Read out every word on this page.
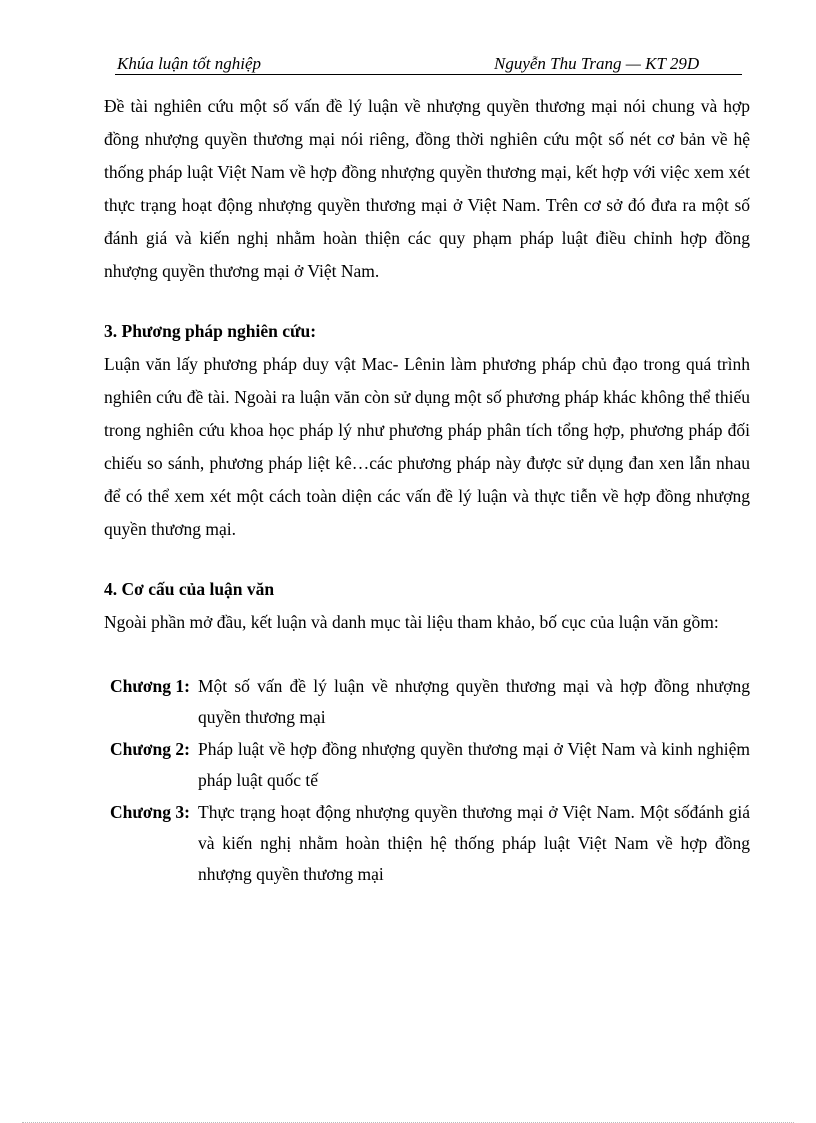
Khúa luận tốt nghiệp	Nguyễn Thu Trang — KT 29D

Đề tài nghiên cứu một số vấn đề lý luận về nhượng quyền thương mại nói chung và hợp đồng nhượng quyền thương mại nói riêng, đồng thời nghiên cứu một số nét cơ bản về hệ thống pháp luật Việt Nam về hợp đồng nhượng quyền thương mại, kết hợp với việc xem xét thực trạng hoạt động nhượng quyền thương mại ở Việt Nam. Trên cơ sở đó đưa ra một số đánh giá và kiến nghị nhằm hoàn thiện các quy phạm pháp luật điều chỉnh hợp đồng nhượng quyền thương mại ở Việt Nam.

3. Phương pháp nghiên cứu:

Luận văn lấy phương pháp duy vật Mac- Lênin làm phương pháp chủ đạo trong quá trình nghiên cứu đề tài. Ngoài ra luận văn còn sử dụng một số phương pháp khác không thể thiếu trong nghiên cứu khoa học pháp lý như phương pháp phân tích tổng hợp, phương pháp đối chiếu so sánh, phương pháp liệt kê…các phương pháp này được sử dụng đan xen lẫn nhau để có thể xem xét một cách toàn diện các vấn đề lý luận và thực tiễn về hợp đồng nhượng quyền thương mại.

4. Cơ cấu của luận văn

Ngoài phần mở đầu, kết luận và danh mục tài liệu tham khảo, bố cục của luận văn gồm:

Chương 1: Một số vấn đề lý luận về nhượng quyền thương mại và hợp đồng nhượng quyền thương mại
Chương 2: Pháp luật về hợp đồng nhượng quyền thương mại ở Việt Nam và kinh nghiệm pháp luật quốc tế
Chương 3: Thực trạng hoạt động nhượng quyền thương mại ở Việt Nam. Một sốđánh giá và kiến nghị nhằm hoàn thiện hệ thống pháp luật Việt Nam về hợp đồng nhượng quyền thương mại
